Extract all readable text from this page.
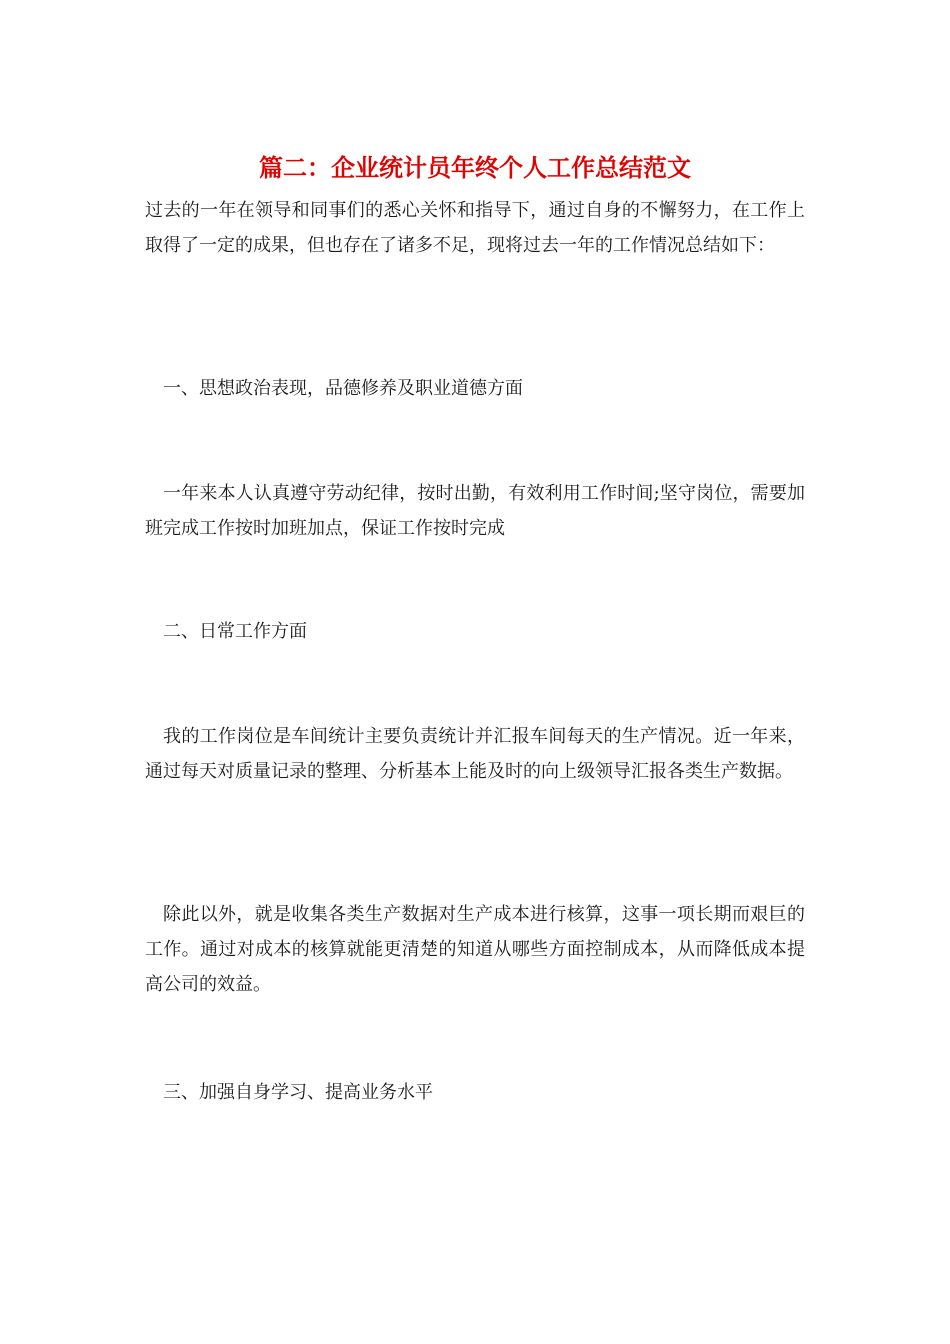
篇二：企业统计员年终个人工作总结范文

过去的一年在领导和同事们的悉心关怀和指导下，通过自身的不懈努力，在工作上取得了一定的成果，但也存在了诸多不足，现将过去一年的工作情况总结如下：

一、思想政治表现，品德修养及职业道德方面

一年来本人认真遵守劳动纪律，按时出勤，有效利用工作时间;坚守岗位，需要加班完成工作按时加班加点，保证工作按时完成

二、日常工作方面

我的工作岗位是车间统计主要负责统计并汇报车间每天的生产情况。近一年来，通过每天对质量记录的整理、分析基本上能及时的向上级领导汇报各类生产数据。

除此以外，就是收集各类生产数据对生产成本进行核算，这事一项长期而艰巨的工作。通过对成本的核算就能更清楚的知道从哪些方面控制成本，从而降低成本提高公司的效益。

三、加强自身学习、提高业务水平
